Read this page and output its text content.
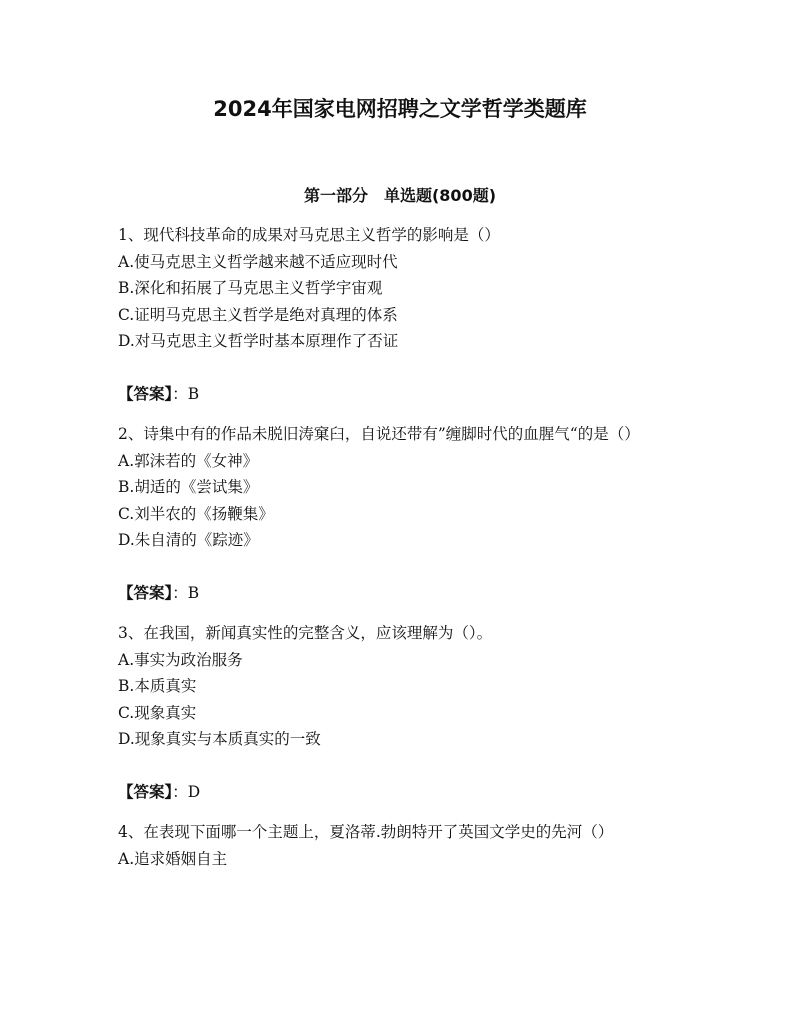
2024年国家电网招聘之文学哲学类题库
第一部分　单选题(800题)

1、现代科技革命的成果对马克思主义哲学的影响是（）

A.使马克思主义哲学越来越不适应现时代

B.深化和拓展了马克思主义哲学宇宙观

C.证明马克思主义哲学是绝对真理的体系

D.对马克思主义哲学时基本原理作了否证

【答案】：B

2、诗集中有的作品未脱旧涛窠臼，自说还带有”缠脚时代的血腥气“的是（）

A.郭沫若的《女神》

B.胡适的《尝试集》

C.刘半农的《扬鞭集》

D.朱自清的《踪迹》

【答案】：B

3、在我国，新闻真实性的完整含义，应该理解为（）。

A.事实为政治服务

B.本质真实

C.现象真实

D.现象真实与本质真实的一致

【答案】：D

4、在表现下面哪一个主题上，夏洛蒂.勃朗特开了英国文学史的先河（）

A.追求婚姻自主
